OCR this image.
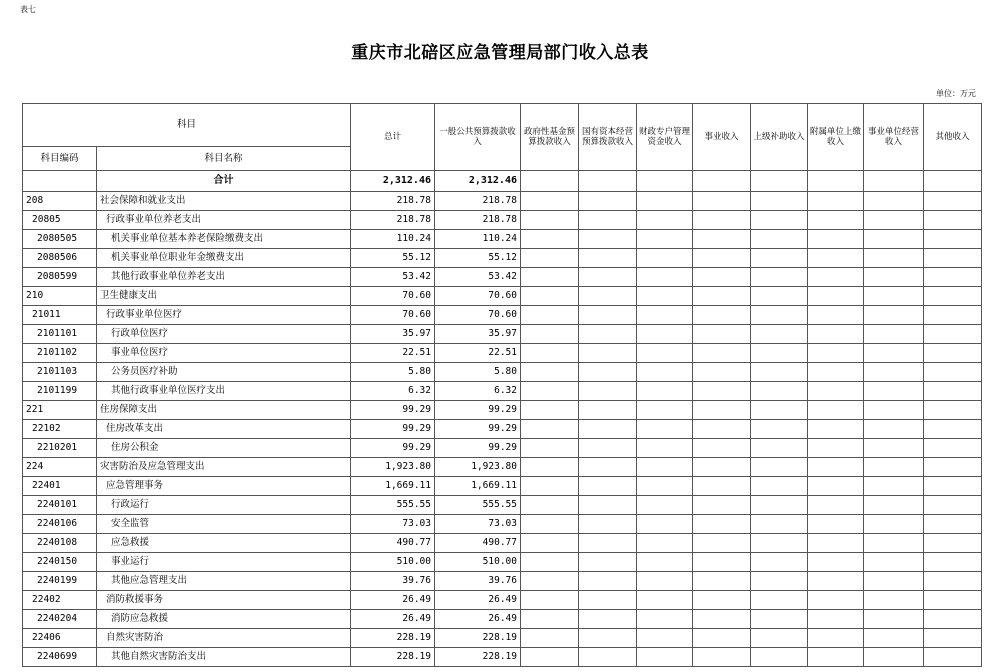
表七
重庆市北碚区应急管理局部门收入总表
单位：万元
科目		总计	一般公共预算拨款收入	政府性基金预算拨款收入	国有资本经营预算拨款收入	财政专户管理资金收入	事业收入	上级补助收入	附属单位上缴收入	事业单位经营收入	其他收入
科目编码	科目名称										
	合计	2,312.46	2,312.46								
208	社会保障和就业支出	218.78	218.78								
20805	行政事业单位养老支出	218.78	218.78								
2080505	机关事业单位基本养老保险缴费支出	110.24	110.24								
2080506	机关事业单位职业年金缴费支出	55.12	55.12								
2080599	其他行政事业单位养老支出	53.42	53.42								
210	卫生健康支出	70.60	70.60								
21011	行政事业单位医疗	70.60	70.60								
2101101	行政单位医疗	35.97	35.97								
2101102	事业单位医疗	22.51	22.51								
2101103	公务员医疗补助	5.80	5.80								
2101199	其他行政事业单位医疗支出	6.32	6.32								
221	住房保障支出	99.29	99.29								
22102	住房改革支出	99.29	99.29								
2210201	住房公积金	99.29	99.29								
224	灾害防治及应急管理支出	1,923.80	1,923.80								
22401	应急管理事务	1,669.11	1,669.11								
2240101	行政运行	555.55	555.55								
2240106	安全监管	73.03	73.03								
2240108	应急救援	490.77	490.77								
2240150	事业运行	510.00	510.00								
2240199	其他应急管理支出	39.76	39.76								
22402	消防救援事务	26.49	26.49								
2240204	消防应急救援	26.49	26.49								
22406	自然灾害防治	228.19	228.19								
2240699	其他自然灾害防治支出	228.19	228.19								
